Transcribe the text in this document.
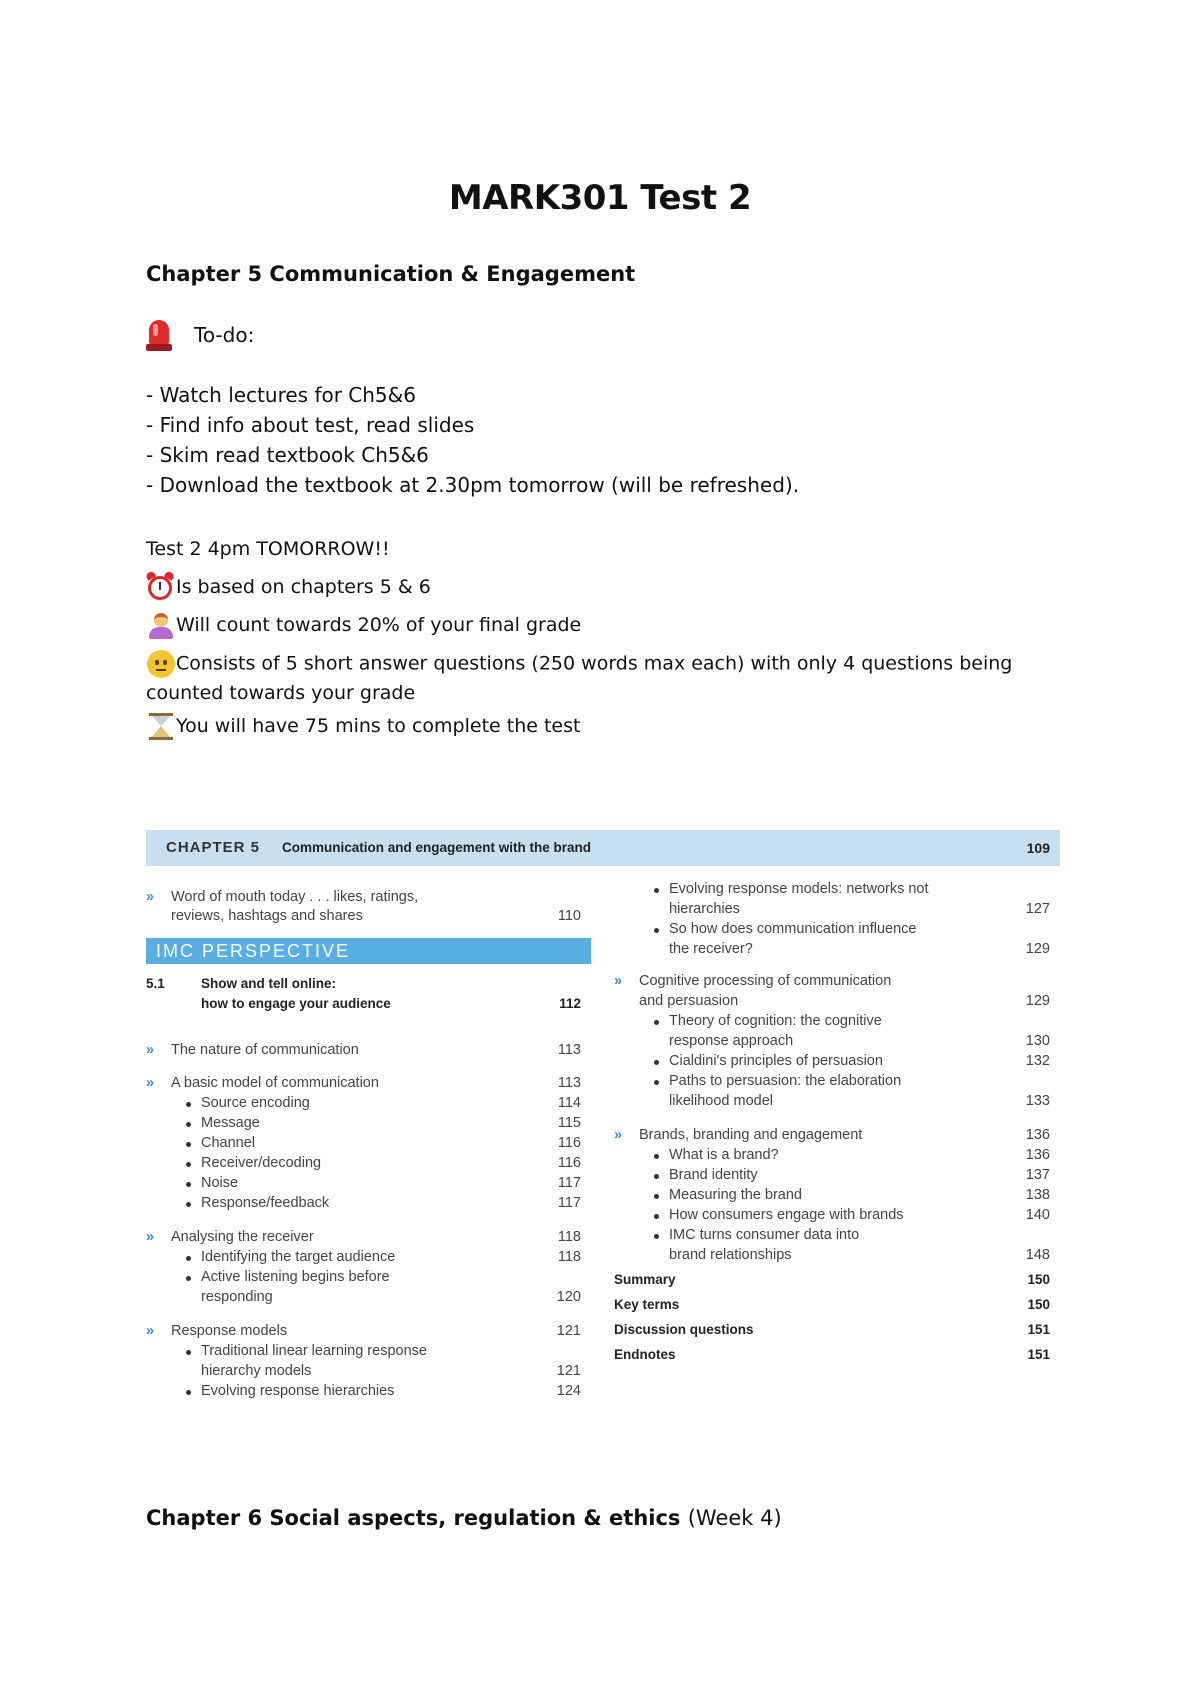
MARK301 Test 2
Chapter 5 Communication & Engagement
To-do:
- Watch lectures for Ch5&6
- Find info about test, read slides
- Skim read textbook Ch5&6
- Download the textbook at 2.30pm tomorrow (will be refreshed).
Test 2 4pm TOMORROW!!
Is based on chapters 5 & 6
Will count towards 20% of your final grade
Consists of 5 short answer questions (250 words max each) with only 4 questions being counted towards your grade
You will have 75 mins to complete the test
CHAPTER 5 Communication and engagement with the brand	109
» Word of mouth today . . . likes, ratings,
reviews, hashtags and shares	110
IMC PERSPECTIVE
5.1	Show and tell online:
how to engage your audience	112
» The nature of communication	113
» A basic model of communication	113
Source encoding	114
Message	115
Channel	116
Receiver/decoding	116
Noise	117
Response/feedback	117
» Analysing the receiver	118
Identifying the target audience	118
Active listening begins before
responding	120
» Response models	121
Traditional linear learning response
hierarchy models	121
Evolving response hierarchies	124
Evolving response models: networks not
hierarchies	127
So how does communication influence
the receiver?	129
» Cognitive processing of communication
and persuasion	129
Theory of cognition: the cognitive
response approach	130
Cialdini's principles of persuasion	132
Paths to persuasion: the elaboration
likelihood model	133
» Brands, branding and engagement	136
What is a brand?	136
Brand identity	137
Measuring the brand	138
How consumers engage with brands	140
IMC turns consumer data into
brand relationships	148
Summary	150
Key terms	150
Discussion questions	151
Endnotes	151
Chapter 6 Social aspects, regulation & ethics (Week 4)
